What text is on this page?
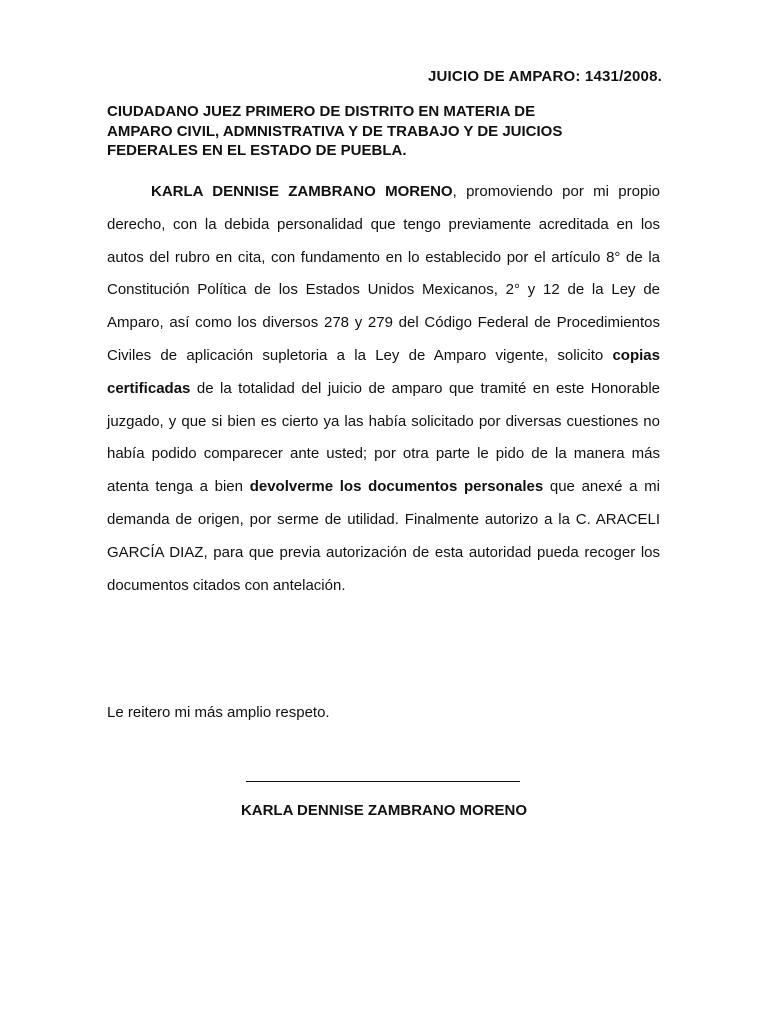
JUICIO DE AMPARO: 1431/2008.
CIUDADANO JUEZ PRIMERO DE DISTRITO EN MATERIA DE
AMPARO CIVIL, ADMNISTRATIVA Y DE TRABAJO Y DE JUICIOS
FEDERALES EN EL ESTADO DE PUEBLA.

KARLA DENNISE ZAMBRANO MORENO, promoviendo por mi propio derecho, con la debida personalidad que tengo previamente acreditada en los autos del rubro en cita, con fundamento en lo establecido por el artículo 8° de la Constitución Política de los Estados Unidos Mexicanos, 2° y 12 de la Ley de Amparo, así como los diversos 278 y 279 del Código Federal de Procedimientos Civiles de aplicación supletoria a la Ley de Amparo vigente, solicito copias certificadas de la totalidad del juicio de amparo que tramité en este Honorable juzgado, y que si bien es cierto ya las había solicitado por diversas cuestiones no había podido comparecer ante usted; por otra parte le pido de la manera más atenta tenga a bien devolverme los documentos personales que anexé a mi demanda de origen, por serme de utilidad. Finalmente autorizo a la C. ARACELI GARCÍA DIAZ, para que previa autorización de esta autoridad pueda recoger los documentos citados con antelación.

Le reitero mi más amplio respeto.

KARLA DENNISE ZAMBRANO MORENO
